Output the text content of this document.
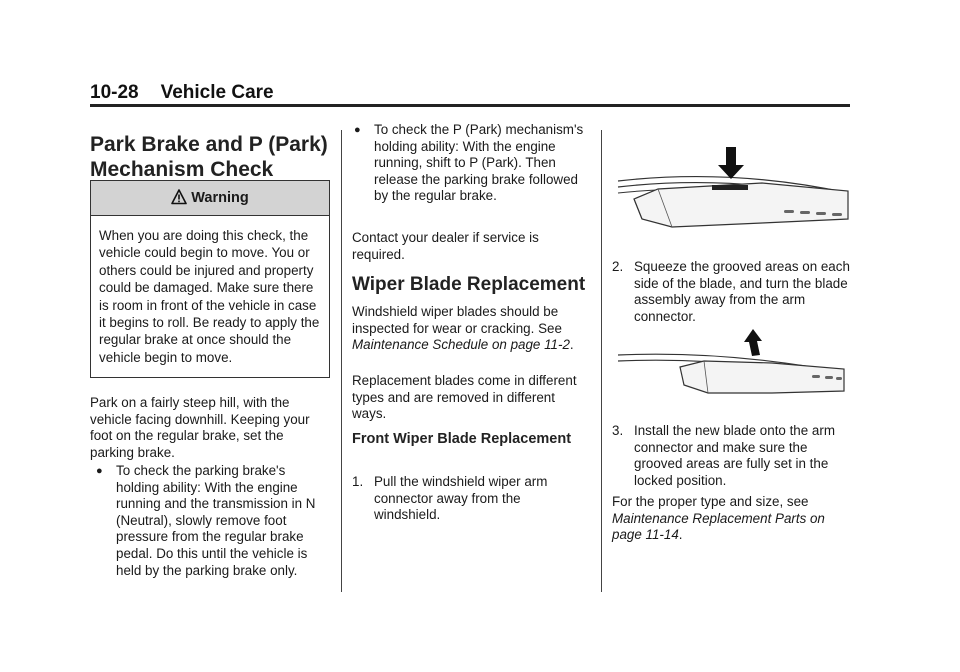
10-28 Vehicle Care
Park Brake and P (Park)
Mechanism Check
Warning

When you are doing this check, the vehicle could begin to move. You or others could be injured and property could be damaged. Make sure there is room in front of the vehicle in case it begins to roll. Be ready to apply the regular brake at once should the vehicle begin to move.

Park on a fairly steep hill, with the vehicle facing downhill. Keeping your foot on the regular brake, set the parking brake.

● To check the parking brake's holding ability: With the engine running and the transmission in N (Neutral), slowly remove foot pressure from the regular brake pedal. Do this until the vehicle is held by the parking brake only.

● To check the P (Park) mechanism's holding ability: With the engine running, shift to P (Park). Then release the parking brake followed by the regular brake.

Contact your dealer if service is required.

Wiper Blade Replacement

Windshield wiper blades should be inspected for wear or cracking. See Maintenance Schedule on page 11-2.

Replacement blades come in different types and are removed in different ways.

Front Wiper Blade Replacement

1. Pull the windshield wiper arm connector away from the windshield.

2. Squeeze the grooved areas on each side of the blade, and turn the blade assembly away from the arm connector.

3. Install the new blade onto the arm connector and make sure the grooved areas are fully set in the locked position.

For the proper type and size, see Maintenance Replacement Parts on page 11-14.
